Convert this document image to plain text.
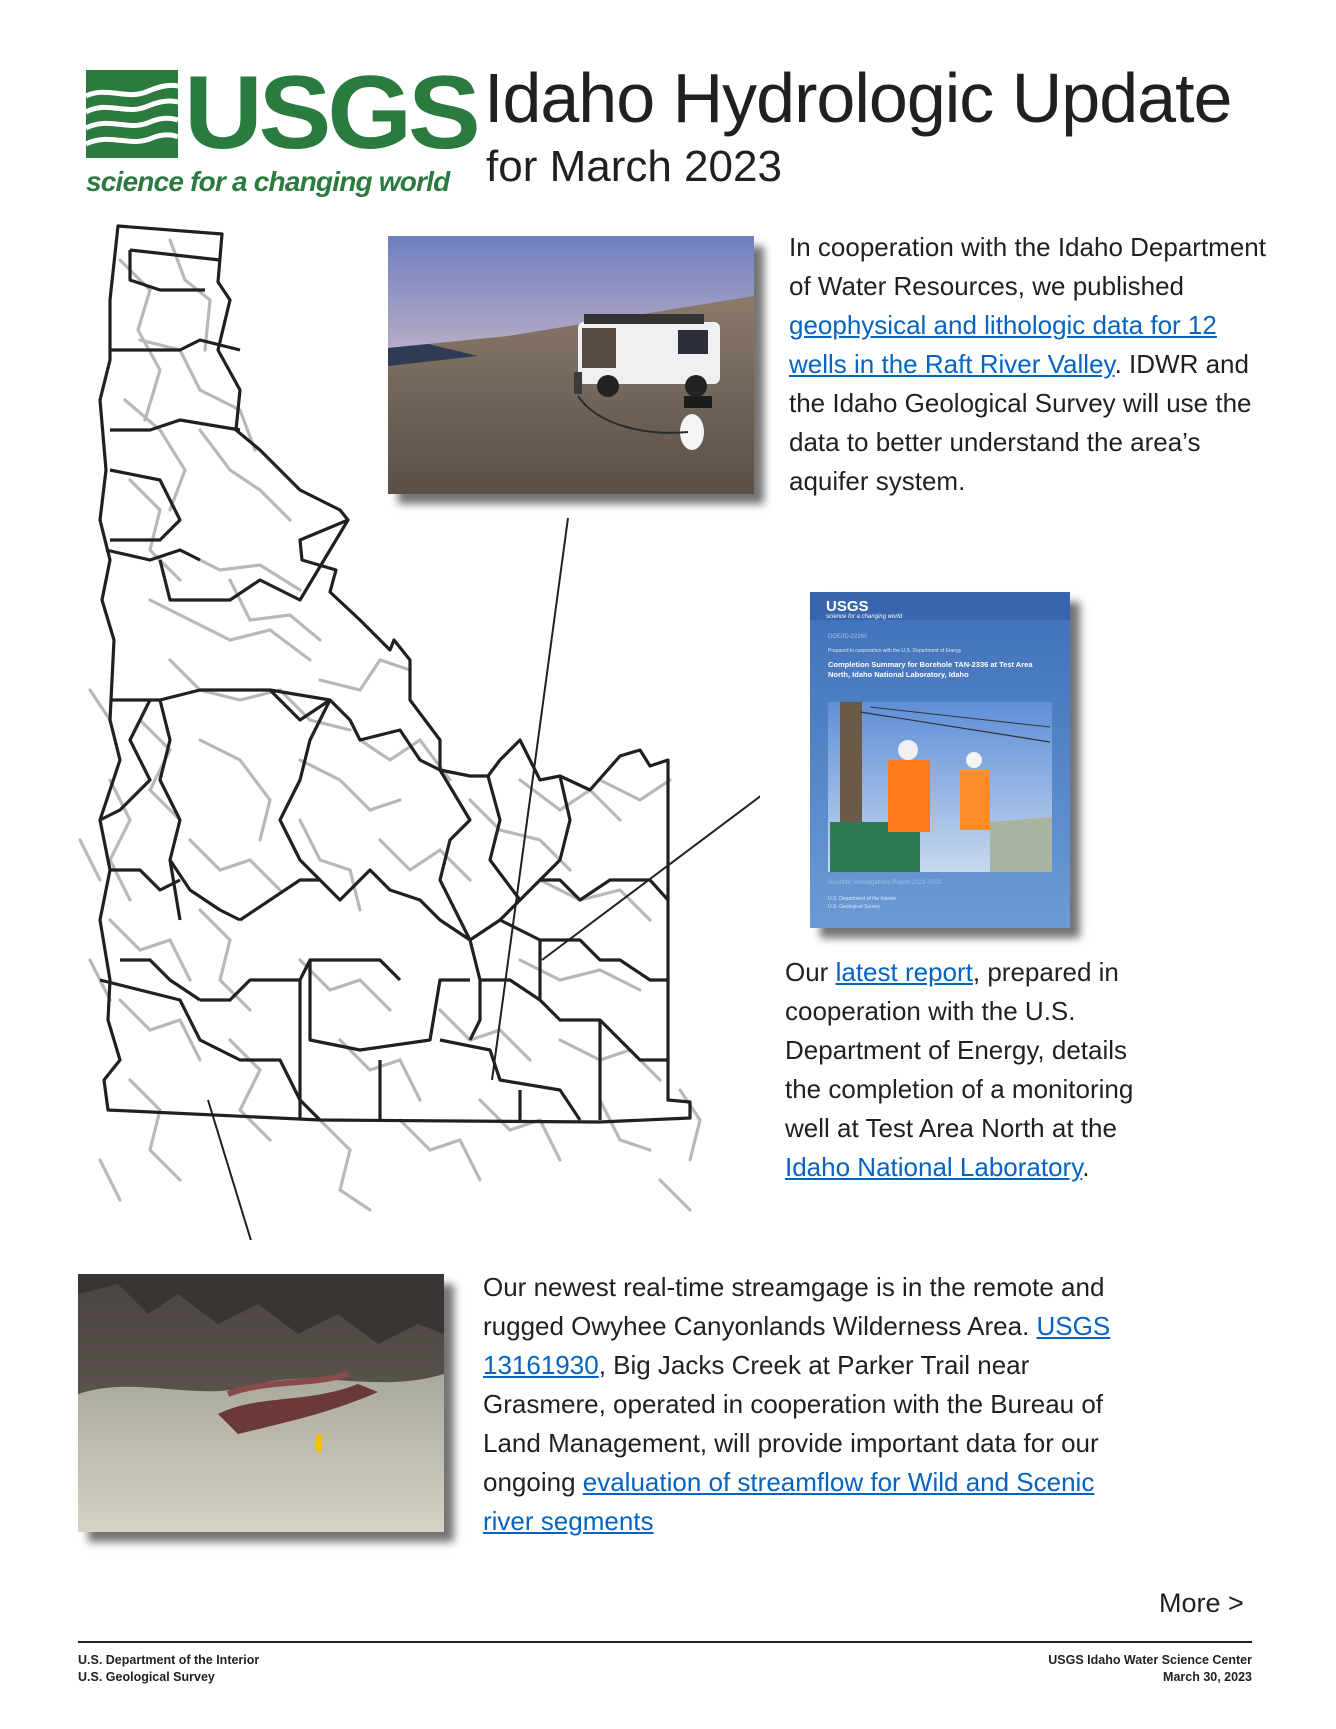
USGS
science for a changing world
Idaho Hydrologic Update
for March 2023
In cooperation with the Idaho Department of Water Resources, we published geophysical and lithologic data for 12 wells in the Raft River Valley. IDWR and the Idaho Geological Survey will use the data to better understand the area’s aquifer system.
USGS
science for a changing world
DOE/ID-22260
Prepared in cooperation with the U.S. Department of Energy
Completion Summary for Borehole TAN-2336 at Test Area North, Idaho National Laboratory, Idaho
Scientific Investigations Report 2023–5020
U.S. Department of the Interior
U.S. Geological Survey
Our latest report, prepared in cooperation with the U.S. Department of Energy, details the completion of a monitoring well at Test Area North at the Idaho National Laboratory.
Our newest real-time streamgage is in the remote and rugged Owyhee Canyonlands Wilderness Area. USGS 13161930, Big Jacks Creek at Parker Trail near Grasmere, operated in cooperation with the Bureau of Land Management, will provide important data for our ongoing evaluation of streamflow for Wild and Scenic river segments
More >
U.S. Department of the Interior
U.S. Geological Survey
USGS Idaho Water Science Center
March 30, 2023
